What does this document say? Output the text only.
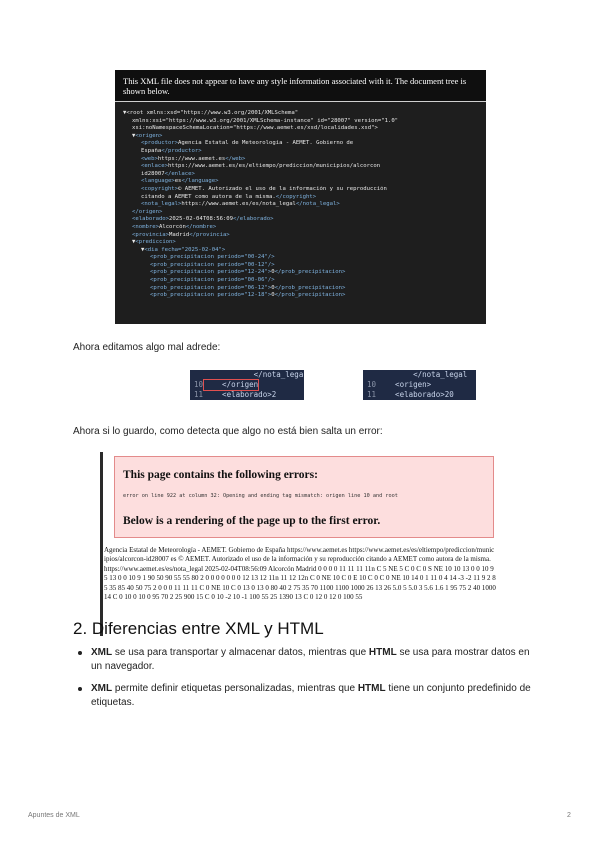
This XML file does not appear to have any style information associated with it. The document tree is shown below.
▼<root xmlns:xsd="https://www.w3.org/2001/XMLSchema"
xmlns:xsi="https://www.w3.org/2001/XMLSchema-instance" id="28007" version="1.0"
xsi:noNamespaceSchemaLocation="https://www.aemet.es/xsd/localidades.xsd">
▼<origen>
<productor>Agencia Estatal de Meteorología - AEMET. Gobierno de
España</productor>
<web>https://www.aemet.es</web>
<enlace>https://www.aemet.es/es/eltiempo/prediccion/municipios/alcorcon
id28007</enlace>
<language>es</language>
<copyright>© AEMET. Autorizado el uso de la información y su reproducción
citando a AEMET como autora de la misma.</copyright>
<nota_legal>https://www.aemet.es/es/nota_legal</nota_legal>
</origen>
<elaborado>2025-02-04T08:56:09</elaborado>
<nombre>Alcorcón</nombre>
<provincia>Madrid</provincia>
▼<prediccion>
▼<dia fecha="2025-02-04">
<prob_precipitacion periodo="00-24"/>
<prob_precipitacion periodo="00-12"/>
<prob_precipitacion periodo="12-24">0</prob_precipitacion>
<prob_precipitacion periodo="00-06"/>
<prob_precipitacion periodo="06-12">0</prob_precipitacion>
<prob_precipitacion periodo="12-18">0</prob_precipitacion>
Ahora editamos algo mal adrede:
</nota_lega
10 </origen
11 <elaborado>2
</nota_legal
10 <origen>
11 <elaborado>20
Ahora si lo guardo, como detecta que algo no está bien salta un error:
This page contains the following errors:
error on line 922 at column 32: Opening and ending tag mismatch: origen line 10 and root
Below is a rendering of the page up to the first error.
Agencia Estatal de Meteorología - AEMET. Gobierno de España https://www.aemet.es https://www.aemet.es/es/eltiempo/prediccion/municipios/alcorcon-id28007 es © AEMET. Autorizado el uso de la información y su reproducción citando a AEMET como autora de la misma. https://www.aemet.es/es/nota_legal 2025-02-04T08:56:09 Alcorcón Madrid 0 0 0 0 11 11 11 11n C 5 NE 5 C 0 C 0 S NE 10 10 13 0 0 10 9 5 13 0 0 10 9 1 90 50 90 55 55 80 2 0 0 0 0 0 0 0 12 13 12 11n 11 12 12n C 0 NE 10 C 0 E 10 C 0 C 0 NE 10 14 0 1 11 0 4 14 -3 -2 11 9 2 85 35 85 40 50 75 2 0 0 0 11 11 11 C 0 NE 10 C 0 13 0 13 0 80 40 2 75 35 70 1100 1100 1000 26 13 26 5.0 5 5.0 3 5.6 1.6 1 95 75 2 40 1000 14 C 0 10 0 10 0 95 70 2 25 900 15 C 0 10 -2 10 -1 100 55 25 1390 13 C 0 12 0 12 0 100 55
2. Diferencias entre XML y HTML
XML se usa para transportar y almacenar datos, mientras que HTML se usa para mostrar datos en un navegador.
XML permite definir etiquetas personalizadas, mientras que HTML tiene un conjunto predefinido de etiquetas.
Apuntes de XML	2
